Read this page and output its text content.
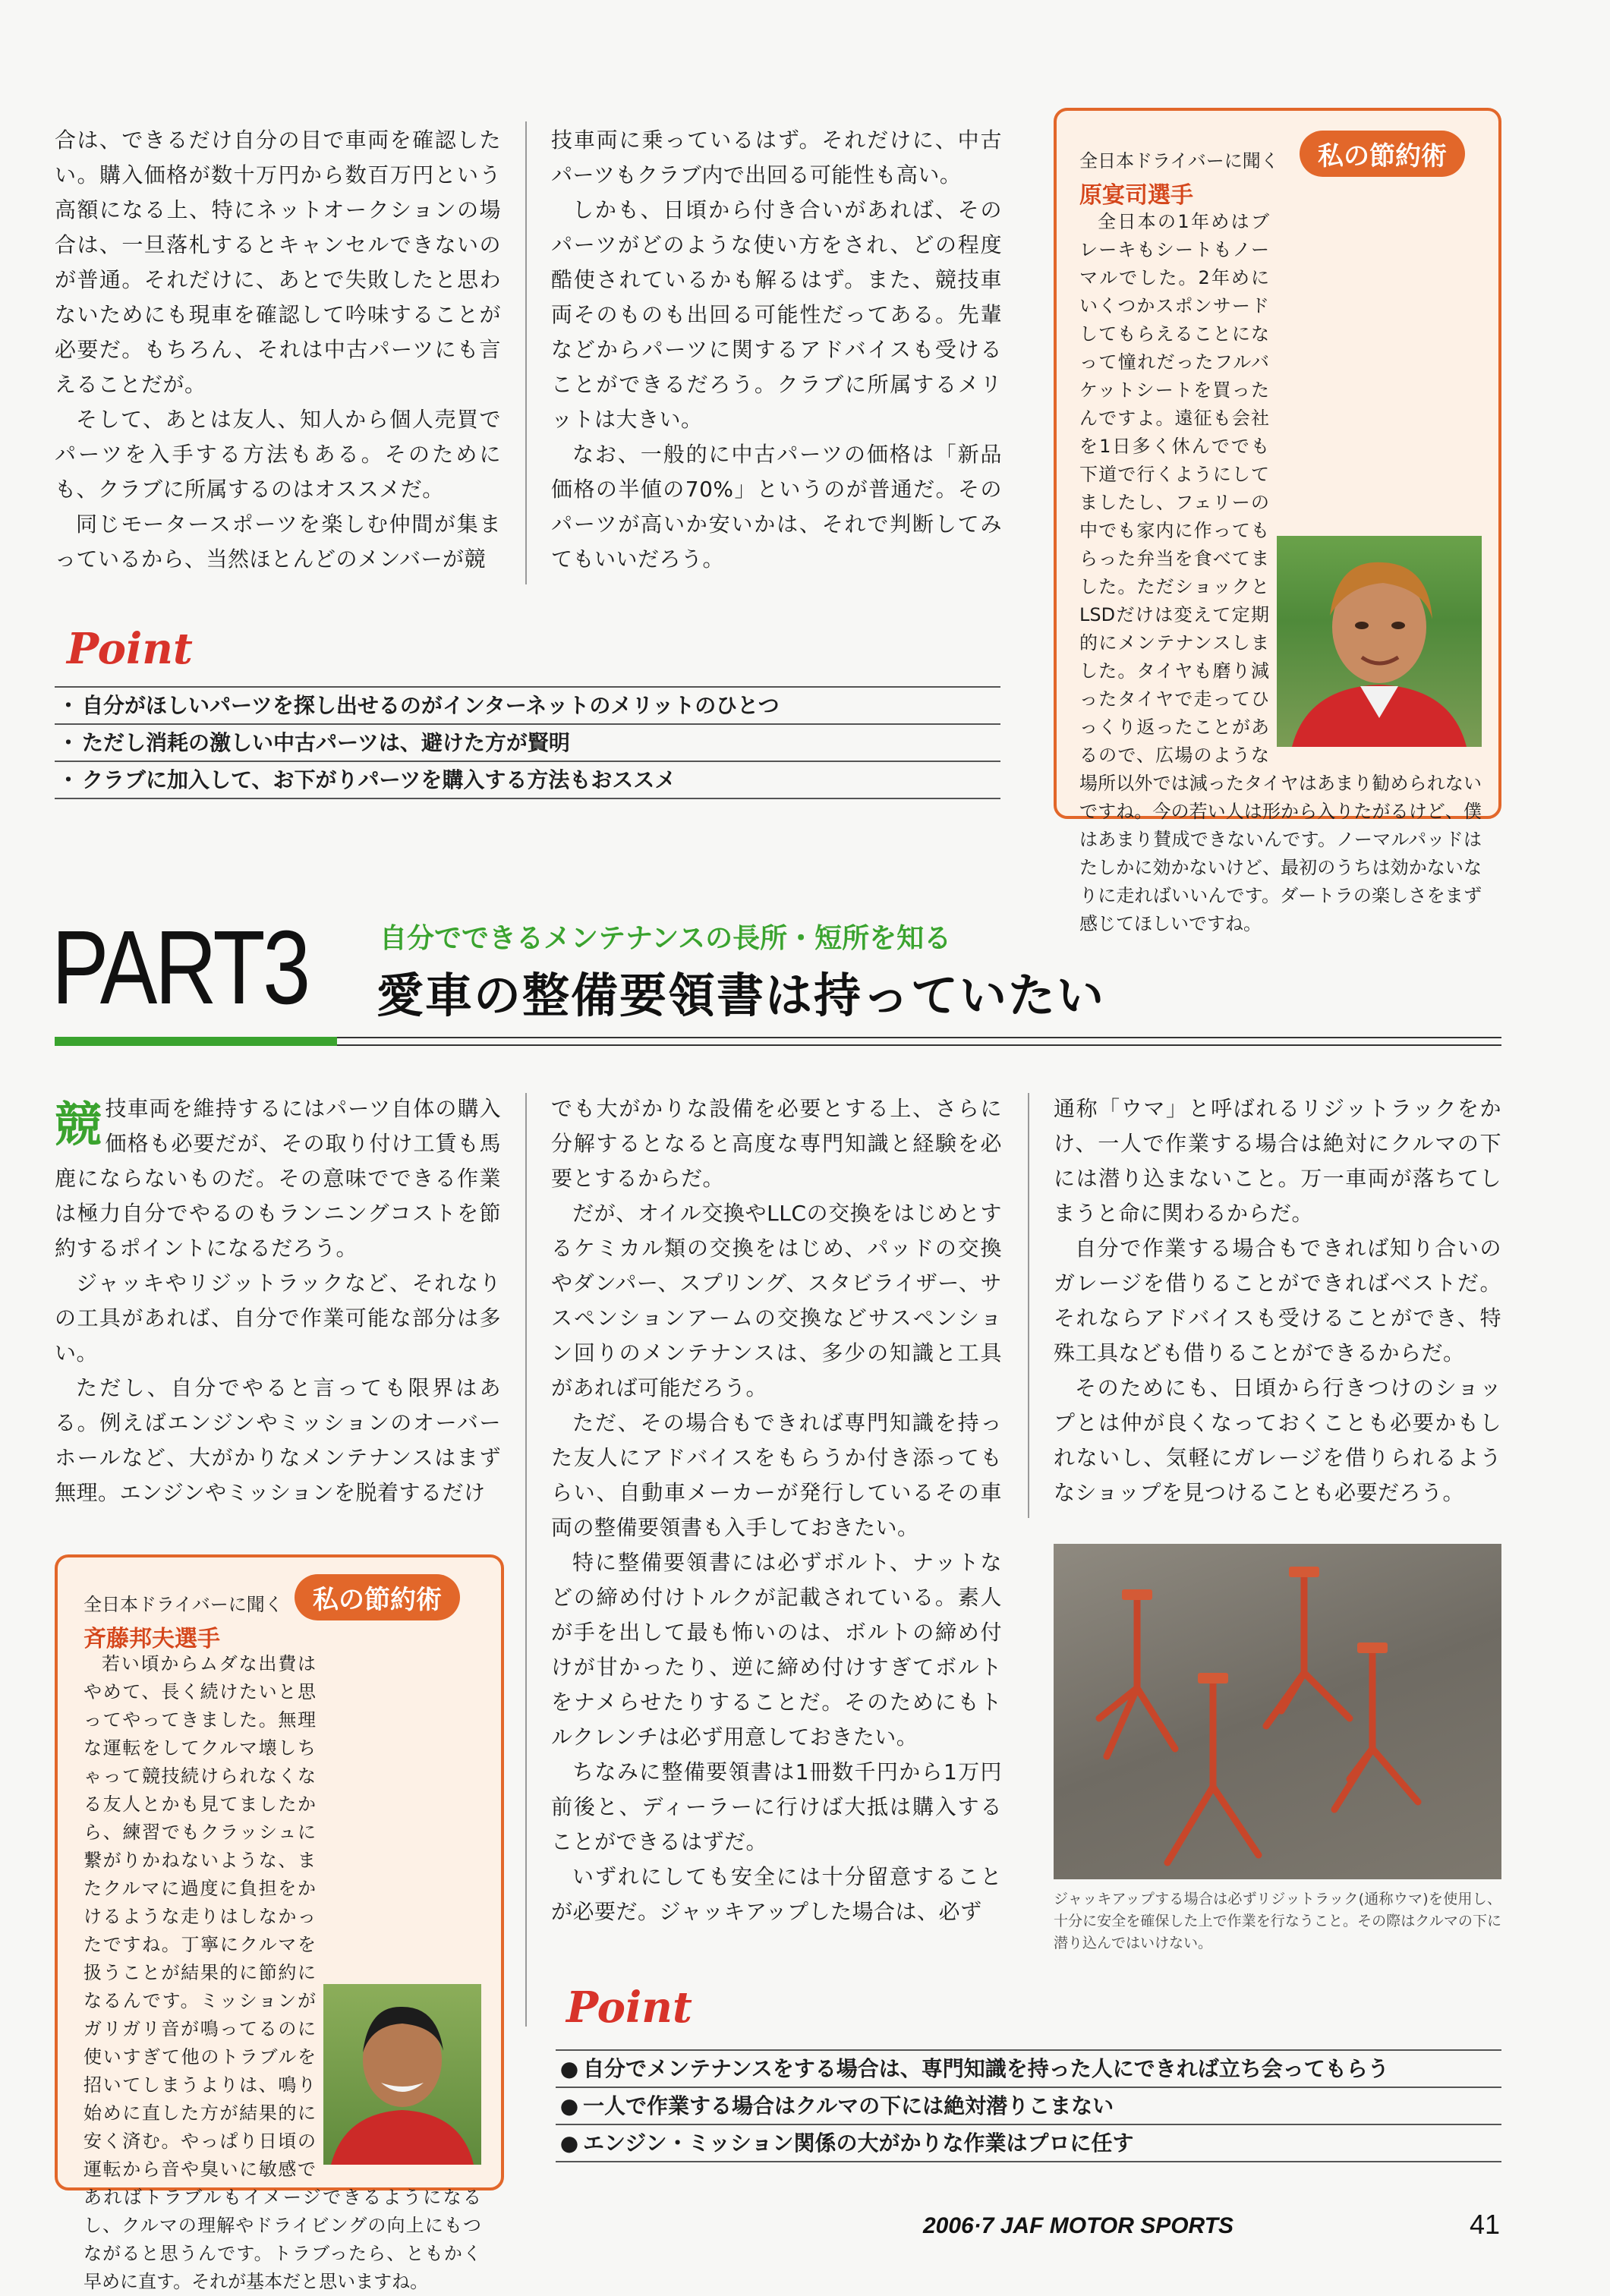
合は、できるだけ自分の目で車両を確認したい。購入価格が数十万円から数百万円という高額になる上、特にネットオークションの場合は、一旦落札するとキャンセルできないのが普通。それだけに、あとで失敗したと思わないためにも現車を確認して吟味することが必要だ。もちろん、それは中古パーツにも言えることだが。

そして、あとは友人、知人から個人売買でパーツを入手する方法もある。そのためにも、クラブに所属するのはオススメだ。

同じモータースポーツを楽しむ仲間が集まっているから、当然ほとんどのメンバーが競

技車両に乗っているはず。それだけに、中古パーツもクラブ内で出回る可能性も高い。

しかも、日頃から付き合いがあれば、そのパーツがどのような使い方をされ、どの程度酷使されているかも解るはず。また、競技車両そのものも出回る可能性だってある。先輩などからパーツに関するアドバイスも受けることができるだろう。クラブに所属するメリットは大きい。

なお、一般的に中古パーツの価格は「新品価格の半値の70%」というのが普通だ。そのパーツが高いか安いかは、それで判断してみてもいいだろう。

全日本ドライバーに聞く	私の節約術
原宴司選手

全日本の1年めはブレーキもシートもノーマルでした。2年めにいくつかスポンサードしてもらえることになって憧れだったフルバケットシートを買ったんですよ。遠征も会社を1日多く休んででも下道で行くようにしてましたし、フェリーの中でも家内に作ってもらった弁当を食べてました。ただショックとLSDだけは変えて定期的にメンテナンスしました。タイヤも磨り減ったタイヤで走ってひっくり返ったことがあるので、広場のような場所以外では減ったタイヤはあまり勧められないですね。今の若い人は形から入りたがるけど、僕はあまり賛成できないんです。ノーマルパッドはたしかに効かないけど、最初のうちは効かないなりに走ればいいんです。ダートラの楽しさをまず感じてほしいですね。

Point
・ 自分がほしいパーツを探し出せるのがインターネットのメリットのひとつ
・ ただし消耗の激しい中古パーツは、避けた方が賢明
・ クラブに加入して、お下がりパーツを購入する方法もおススメ
PART3	自分でできるメンテナンスの長所・短所を知る
愛車の整備要領書は持っていたい
競 技車両を維持するにはパーツ自体の購入価格も必要だが、その取り付け工賃も馬鹿にならないものだ。その意味でできる作業は極力自分でやるのもランニングコストを節約するポイントになるだろう。

ジャッキやリジットラックなど、それなりの工具があれば、自分で作業可能な部分は多い。

ただし、自分でやると言っても限界はある。例えばエンジンやミッションのオーバーホールなど、大がかりなメンテナンスはまず無理。エンジンやミッションを脱着するだけ

でも大がかりな設備を必要とする上、さらに分解するとなると高度な専門知識と経験を必要とするからだ。

だが、オイル交換やLLCの交換をはじめとするケミカル類の交換をはじめ、パッドの交換やダンパー、スプリング、スタビライザー、サスペンションアームの交換などサスペンション回りのメンテナンスは、多少の知識と工具があれば可能だろう。

ただ、その場合もできれば専門知識を持った友人にアドバイスをもらうか付き添ってもらい、自動車メーカーが発行しているその車両の整備要領書も入手しておきたい。

特に整備要領書には必ずボルト、ナットなどの締め付けトルクが記載されている。素人が手を出して最も怖いのは、ボルトの締め付けが甘かったり、逆に締め付けすぎてボルトをナメらせたりすることだ。そのためにもトルクレンチは必ず用意しておきたい。

ちなみに整備要領書は1冊数千円から1万円前後と、ディーラーに行けば大抵は購入することができるはずだ。

いずれにしても安全には十分留意することが必要だ。ジャッキアップした場合は、必ず

通称「ウマ」と呼ばれるリジットラックをかけ、一人で作業する場合は絶対にクルマの下には潜り込まないこと。万一車両が落ちてしまうと命に関わるからだ。

自分で作業する場合もできれば知り合いのガレージを借りることができればベストだ。それならアドバイスも受けることができ、特殊工具なども借りることができるからだ。

そのためにも、日頃から行きつけのショップとは仲が良くなっておくことも必要かもしれないし、気軽にガレージを借りられるようなショップを見つけることも必要だろう。

全日本ドライバーに聞く	私の節約術
斉藤邦夫選手

若い頃からムダな出費はやめて、長く続けたいと思ってやってきました。無理な運転をしてクルマ壊しちゃって競技続けられなくなる友人とかも見てましたから、練習でもクラッシュに繋がりかねないような、またクルマに過度に負担をかけるような走りはしなかったですね。丁寧にクルマを扱うことが結果的に節約になるんです。ミッションがガリガリ音が鳴ってるのに使いすぎて他のトラブルを招いてしまうよりは、鳴り始めに直した方が結果的に安く済む。やっぱり日頃の運転から音や臭いに敏感であればトラブルもイメージできるようになるし、クルマの理解やドライビングの向上にもつながると思うんです。トラブったら、ともかく早めに直す。それが基本だと思いますね。

ジャッキアップする場合は必ずリジットラック(通称ウマ)を使用し、十分に安全を確保した上で作業を行なうこと。その際はクルマの下に潜り込んではいけない。
Point
● 自分でメンテナンスをする場合は、専門知識を持った人にできれば立ち会ってもらう
● 一人で作業する場合はクルマの下には絶対潜りこまない
● エンジン・ミッション関係の大がかりな作業はプロに任す
2006·7 JAF MOTOR SPORTS	41
